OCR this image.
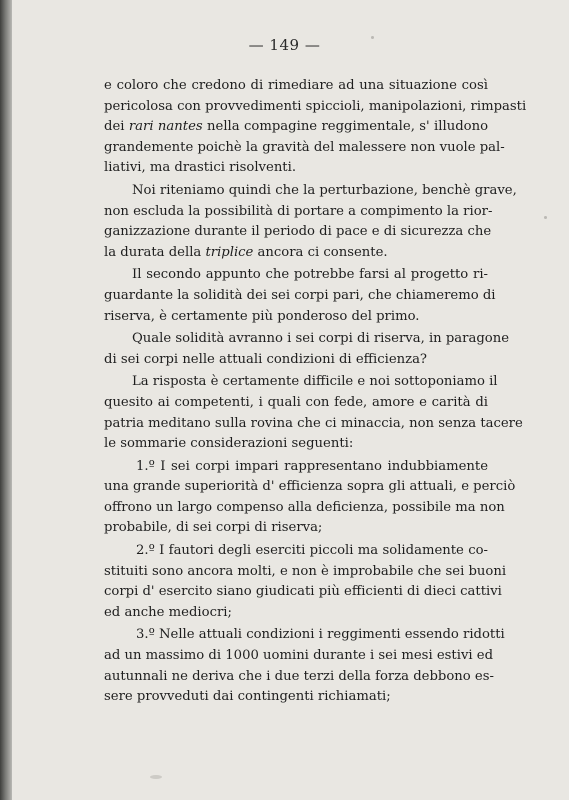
— 149 —
e coloro che credono di rimediare ad una situazione così
pericolosa con provvedimenti spiccioli, manipolazioni, rimpasti
dei rari nantes nella compagine reggimentale, s' illudono
grandemente poichè la gravità del malessere non vuole pal-
liativi, ma drastici risolventi.
Noi riteniamo quindi che la perturbazione, benchè grave,
non escluda la possibilità di portare a compimento la rior-
ganizzazione durante il periodo di pace e di sicurezza che
la durata della triplice ancora ci consente.
Il secondo appunto che potrebbe farsi al progetto ri-
guardante la solidità dei sei corpi pari, che chiameremo di
riserva, è certamente più ponderoso del primo.
Quale solidità avranno i sei corpi di riserva, in paragone
di sei corpi nelle attuali condizioni di efficienza?
La risposta è certamente difficile e noi sottoponiamo il
quesito ai competenti, i quali con fede, amore e carità di
patria meditano sulla rovina che ci minaccia, non senza tacere
le sommarie considerazioni seguenti:
1.º I sei corpi impari rappresentano indubbiamente
una grande superiorità d' efficienza sopra gli attuali, e perciò
offrono un largo compenso alla deficienza, possibile ma non
probabile, di sei corpi di riserva;
2.º I fautori degli eserciti piccoli ma solidamente co-
stituiti sono ancora molti, e non è improbabile che sei buoni
corpi d' esercito siano giudicati più efficienti di dieci cattivi
ed anche mediocri;
3.º Nelle attuali condizioni i reggimenti essendo ridotti
ad un massimo di 1000 uomini durante i sei mesi estivi ed
autunnali ne deriva che i due terzi della forza debbono es-
sere provveduti dai contingenti richiamati;
